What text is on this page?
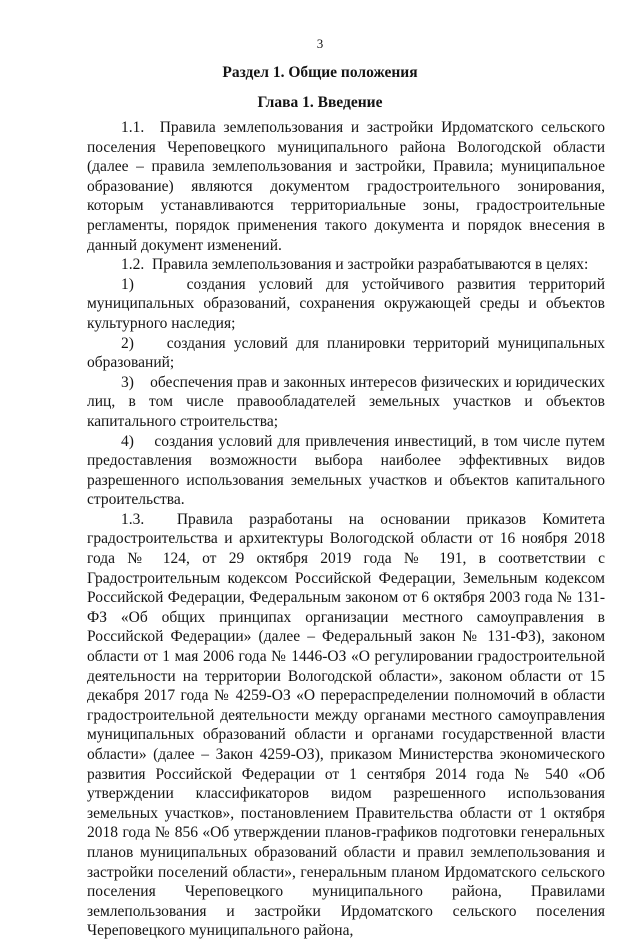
3
Раздел 1. Общие положения
Глава 1. Введение

1.1.  Правила землепользования и застройки Ирдоматского сельского поселения Череповецкого муниципального района Вологодской области (далее – правила землепользования и застройки, Правила; муниципальное образование) являются документом градостроительного зонирования, которым устанавливаются территориальные зоны, градостроительные регламенты, порядок применения такого документа и порядок внесения в данный документ изменений.

1.2.  Правила землепользования и застройки разрабатываются в целях:

1)    создания условий для устойчивого развития территорий муниципальных образований, сохранения окружающей среды и объектов культурного наследия;

2)    создания условий для планировки территорий муниципальных образований;

3)    обеспечения прав и законных интересов физических и юридических лиц, в том числе правообладателей земельных участков и объектов капитального строительства;

4)    создания условий для привлечения инвестиций, в том числе путем предоставления возможности выбора наиболее эффективных видов разрешенного использования земельных участков и объектов капитального строительства.

1.3.  Правила разработаны на основании приказов Комитета градостроительства и архитектуры Вологодской области от 16 ноября 2018 года № 124, от 29 октября 2019 года № 191, в соответствии с Градостроительным кодексом Российской Федерации, Земельным кодексом Российской Федерации, Федеральным законом от 6 октября 2003 года № 131-ФЗ «Об общих принципах организации местного самоуправления в Российской Федерации» (далее – Федеральный закон № 131-ФЗ), законом области от 1 мая 2006 года № 1446-ОЗ «О регулировании градостроительной деятельности на территории Вологодской области», законом области от 15 декабря 2017 года № 4259-ОЗ «О перераспределении полномочий в области градостроительной деятельности между органами местного самоуправления муниципальных образований области и органами государственной власти области» (далее – Закон 4259-ОЗ), приказом Министерства экономического развития Российской Федерации от 1 сентября 2014 года № 540 «Об утверждении классификаторов видом разрешенного использования земельных участков», постановлением Правительства области от 1 октября 2018 года № 856 «Об утверждении планов-графиков подготовки генеральных планов муниципальных образований области и правил землепользования и застройки поселений области», генеральным планом Ирдоматского сельского поселения Череповецкого муниципального района, Правилами землепользования и застройки Ирдоматского сельского поселения Череповецкого муниципального района,
